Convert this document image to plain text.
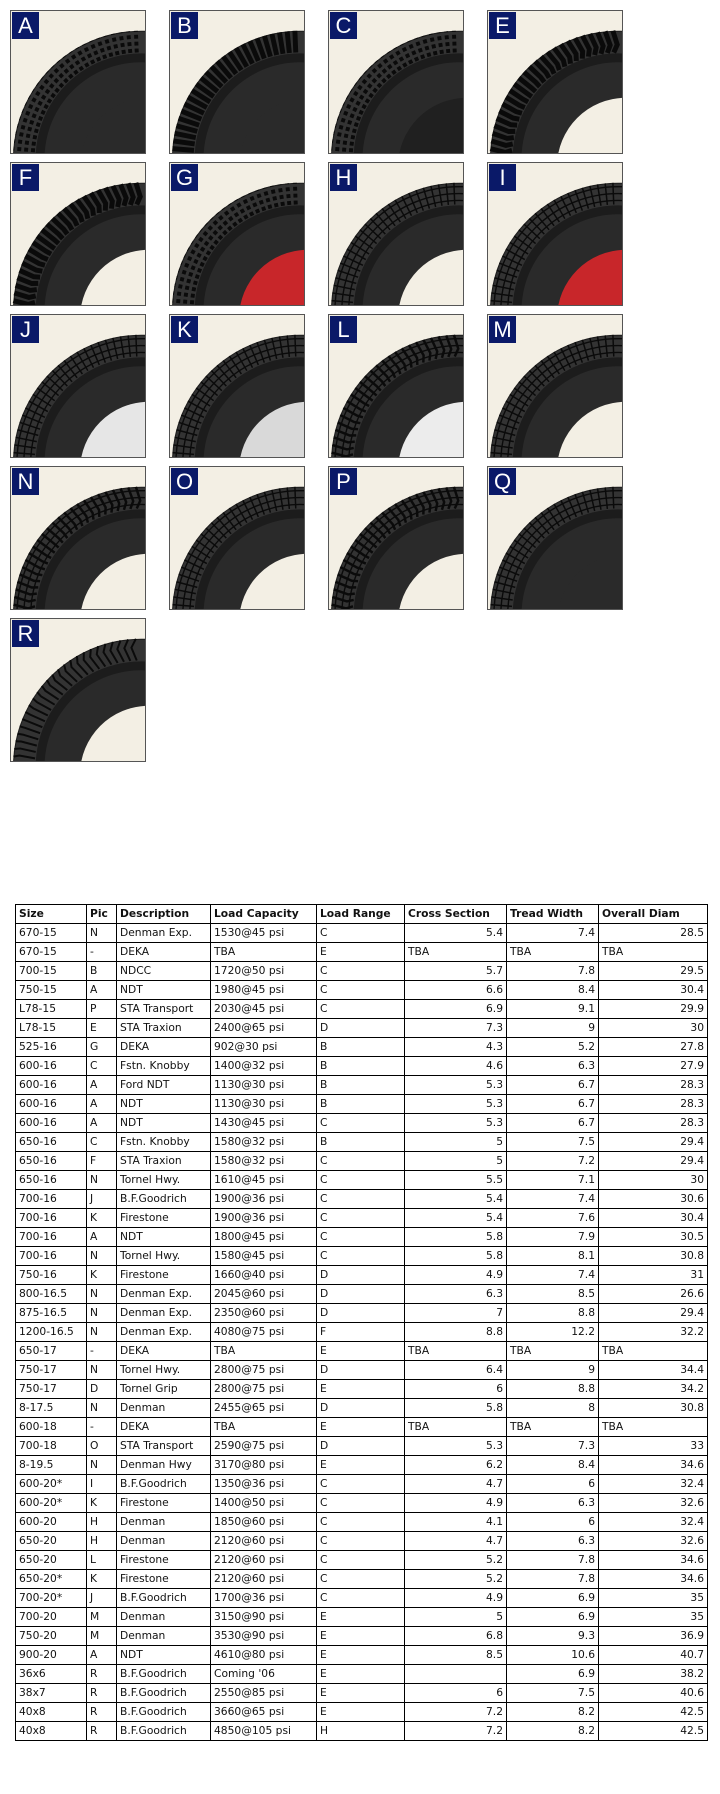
A	B	C	E
F	G	H	I
J	K	L	M
N	O	P	Q
R
Size	Pic	Description	Load Capacity	Load Range	Cross Section	Tread Width	Overall Diam
670-15	N	Denman Exp.	1530@45 psi	C	5.4	7.4	28.5
670-15	-	DEKA	TBA	E	TBA	TBA	TBA
700-15	B	NDCC	1720@50 psi	C	5.7	7.8	29.5
750-15	A	NDT	1980@45 psi	C	6.6	8.4	30.4
L78-15	P	STA Transport	2030@45 psi	C	6.9	9.1	29.9
L78-15	E	STA Traxion	2400@65 psi	D	7.3	9	30
525-16	G	DEKA	902@30 psi	B	4.3	5.2	27.8
600-16	C	Fstn. Knobby	1400@32 psi	B	4.6	6.3	27.9
600-16	A	Ford NDT	1130@30 psi	B	5.3	6.7	28.3
600-16	A	NDT	1130@30 psi	B	5.3	6.7	28.3
600-16	A	NDT	1430@45 psi	C	5.3	6.7	28.3
650-16	C	Fstn. Knobby	1580@32 psi	B	5	7.5	29.4
650-16	F	STA Traxion	1580@32 psi	C	5	7.2	29.4
650-16	N	Tornel Hwy.	1610@45 psi	C	5.5	7.1	30
700-16	J	B.F.Goodrich	1900@36 psi	C	5.4	7.4	30.6
700-16	K	Firestone	1900@36 psi	C	5.4	7.6	30.4
700-16	A	NDT	1800@45 psi	C	5.8	7.9	30.5
700-16	N	Tornel Hwy.	1580@45 psi	C	5.8	8.1	30.8
750-16	K	Firestone	1660@40 psi	D	4.9	7.4	31
800-16.5	N	Denman Exp.	2045@60 psi	D	6.3	8.5	26.6
875-16.5	N	Denman Exp.	2350@60 psi	D	7	8.8	29.4
1200-16.5	N	Denman Exp.	4080@75 psi	F	8.8	12.2	32.2
650-17	-	DEKA	TBA	E	TBA	TBA	TBA
750-17	N	Tornel Hwy.	2800@75 psi	D	6.4	9	34.4
750-17	D	Tornel Grip	2800@75 psi	E	6	8.8	34.2
8-17.5	N	Denman	2455@65 psi	D	5.8	8	30.8
600-18	-	DEKA	TBA	E	TBA	TBA	TBA
700-18	O	STA Transport	2590@75 psi	D	5.3	7.3	33
8-19.5	N	Denman Hwy	3170@80 psi	E	6.2	8.4	34.6
600-20*	I	B.F.Goodrich	1350@36 psi	C	4.7	6	32.4
600-20*	K	Firestone	1400@50 psi	C	4.9	6.3	32.6
600-20	H	Denman	1850@60 psi	C	4.1	6	32.4
650-20	H	Denman	2120@60 psi	C	4.7	6.3	32.6
650-20	L	Firestone	2120@60 psi	C	5.2	7.8	34.6
650-20*	K	Firestone	2120@60 psi	C	5.2	7.8	34.6
700-20*	J	B.F.Goodrich	1700@36 psi	C	4.9	6.9	35
700-20	M	Denman	3150@90 psi	E	5	6.9	35
750-20	M	Denman	3530@90 psi	E	6.8	9.3	36.9
900-20	A	NDT	4610@80 psi	E	8.5	10.6	40.7
36x6	R	B.F.Goodrich	Coming '06	E		6.9	38.2
38x7	R	B.F.Goodrich	2550@85 psi	E	6	7.5	40.6
40x8	R	B.F.Goodrich	3660@65 psi	E	7.2	8.2	42.5
40x8	R	B.F.Goodrich	4850@105 psi	H	7.2	8.2	42.5
